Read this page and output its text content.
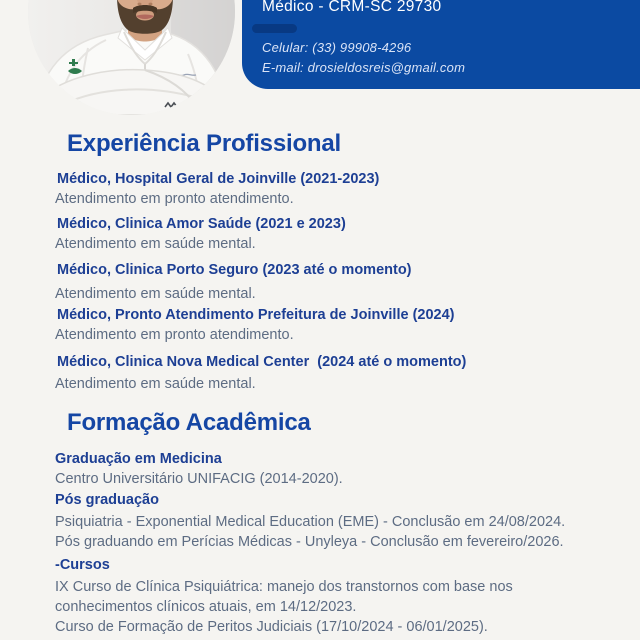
Médico - CRM-SC 29730
Celular: (33) 99908-4296
E-mail: drosieldosreis@gmail.com
Experiência Profissional
Médico, Hospital Geral de Joinville (2021-2023)
Atendimento em pronto atendimento.
Médico, Clinica Amor Saúde (2021 e 2023)
Atendimento em saúde mental.
Médico, Clinica Porto Seguro (2023 até o momento)
Atendimento em saúde mental.
Médico, Pronto Atendimento Prefeitura de Joinville (2024)
Atendimento em pronto atendimento.
Médico, Clinica Nova Medical Center  (2024 até o momento)
Atendimento em saúde mental.
Formação Acadêmica
Graduação em Medicina
Centro Universitário UNIFACIG (2014-2020).
Pós graduação
Psiquiatria - Exponential Medical Education (EME) - Conclusão em 24/08/2024.
Pós graduando em Perícias Médicas - Unyleya - Conclusão em fevereiro/2026.
-Cursos
IX Curso de Clínica Psiquiátrica: manejo dos transtornos com base nos
conhecimentos clínicos atuais, em 14/12/2023.
Curso de Formação de Peritos Judiciais (17/10/2024 - 06/01/2025).
